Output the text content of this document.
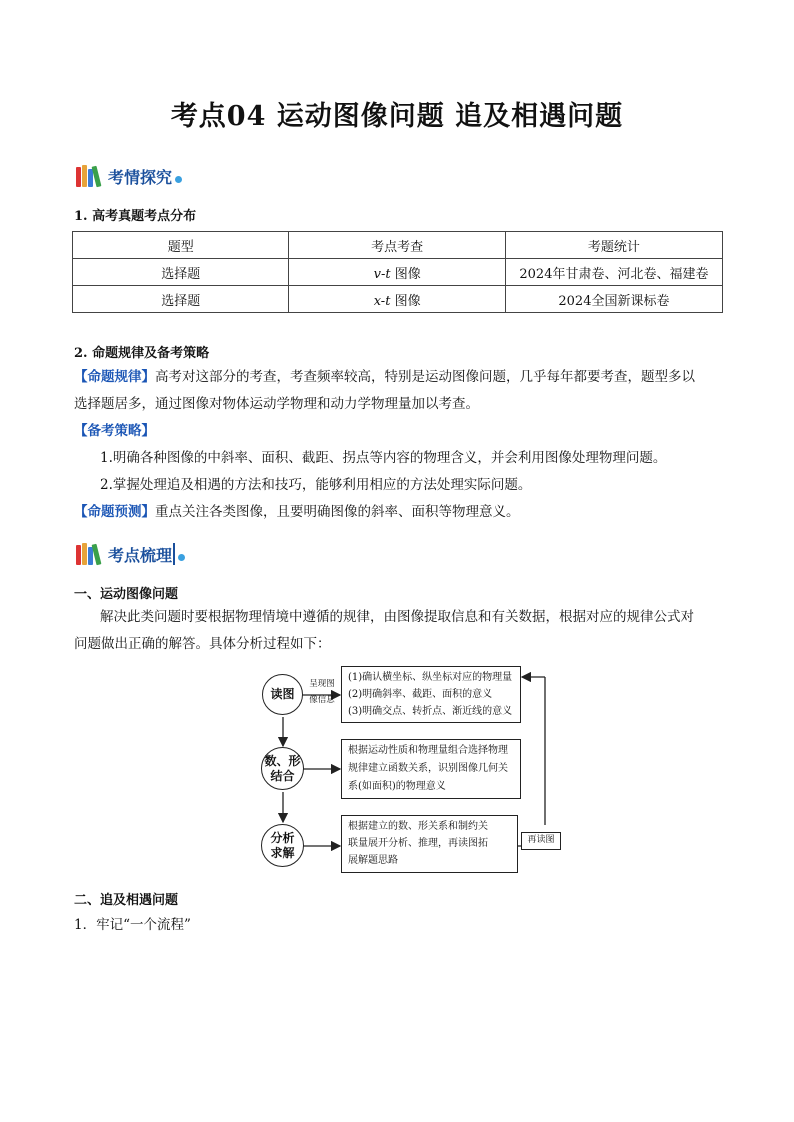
考点04 运动图像问题 追及相遇问题
考情探究
1. 高考真题考点分布
题型	考点考查	考题统计
选择题	v-t 图像	2024年甘肃卷、河北卷、福建卷
选择题	x-t 图像	2024全国新课标卷
2. 命题规律及备考策略
【命题规律】高考对这部分的考查，考查频率较高，特别是运动图像问题，几乎每年都要考查，题型多以
选择题居多，通过图像对物体运动学物理和动力学物理量加以考查。
【备考策略】
1.明确各种图像的中斜率、面积、截距、拐点等内容的物理含义，并会利用图像处理物理问题。
2.掌握处理追及相遇的方法和技巧，能够利用相应的方法处理实际问题。
【命题预测】重点关注各类图像，且要明确图像的斜率、面积等物理意义。
考点梳理
一、运动图像问题
解决此类问题时要根据物理情境中遵循的规律，由图像提取信息和有关数据，根据对应的规律公式对
问题做出正确的解答。具体分析过程如下：
读图
呈现图
像信息
(1)确认横坐标、纵坐标对应的物理量
(2)明确斜率、截距、面积的意义
(3)明确交点、转折点、渐近线的意义
数、形
结合
根据运动性质和物理量组合选择物理
规律建立函数关系，识别图像几何关
系(如面积)的物理意义
分析
求解
根据建立的数、形关系和制约关
联量展开分析、推理，再读图拓
展解题思路
再读图
二、追及相遇问题
1．牢记“一个流程”
